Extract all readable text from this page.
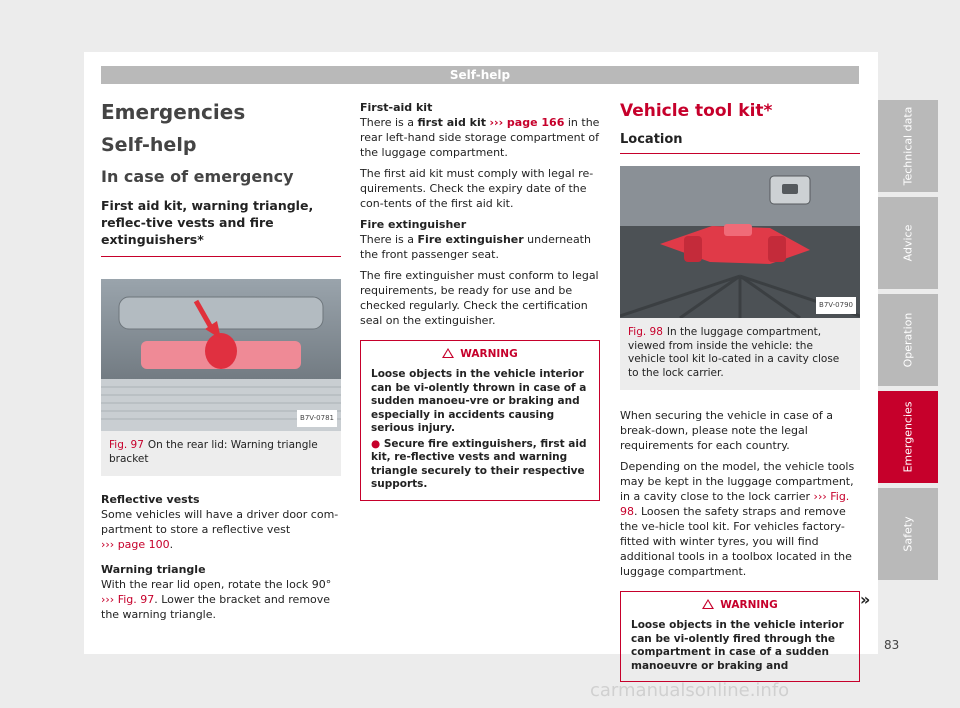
Self-help
Emergencies
Self-help
In case of emergency
First aid kit, warning triangle, reflec-tive vests and fire extinguishers*
B7V-0781
Fig. 97 On the rear lid: Warning triangle bracket
Reflective vests

Some vehicles will have a driver door com-partment to store a reflective vest
››› page 100.

Warning triangle

With the rear lid open, rotate the lock 90°
››› Fig. 97. Lower the bracket and remove the warning triangle.

First-aid kit

There is a first aid kit ››› page 166 in the rear left-hand side storage compartment of the luggage compartment.

The first aid kit must comply with legal re-quirements. Check the expiry date of the con-tents of the first aid kit.

Fire extinguisher

There is a Fire extinguisher underneath the front passenger seat.

The fire extinguisher must conform to legal requirements, be ready for use and be checked regularly. Check the certification seal on the extinguisher.

WARNING
Loose objects in the vehicle interior can be vi-olently thrown in case of a sudden manoeu-vre or braking and especially in accidents causing serious injury.
● Secure fire extinguishers, first aid kit, re-flective vests and warning triangle securely to their respective supports.
Vehicle tool kit*
Location
B7V-0790
Fig. 98 In the luggage compartment, viewed from inside the vehicle: the vehicle tool kit lo-cated in a cavity close to the lock carrier.

When securing the vehicle in case of a break-down, please note the legal requirements for each country.

Depending on the model, the vehicle tools may be kept in the luggage compartment, in a cavity close to the lock carrier ››› Fig. 98. Loosen the safety straps and remove the ve-hicle tool kit. For vehicles factory-fitted with winter tyres, you will find additional tools in a toolbox located in the luggage compartment.

WARNING
Loose objects in the vehicle interior can be vi-olently fired through the compartment in case of a sudden manoeuvre or braking and
»
Technical data
Advice
Operation
Emergencies
Safety
83
carmanualsonline.info
